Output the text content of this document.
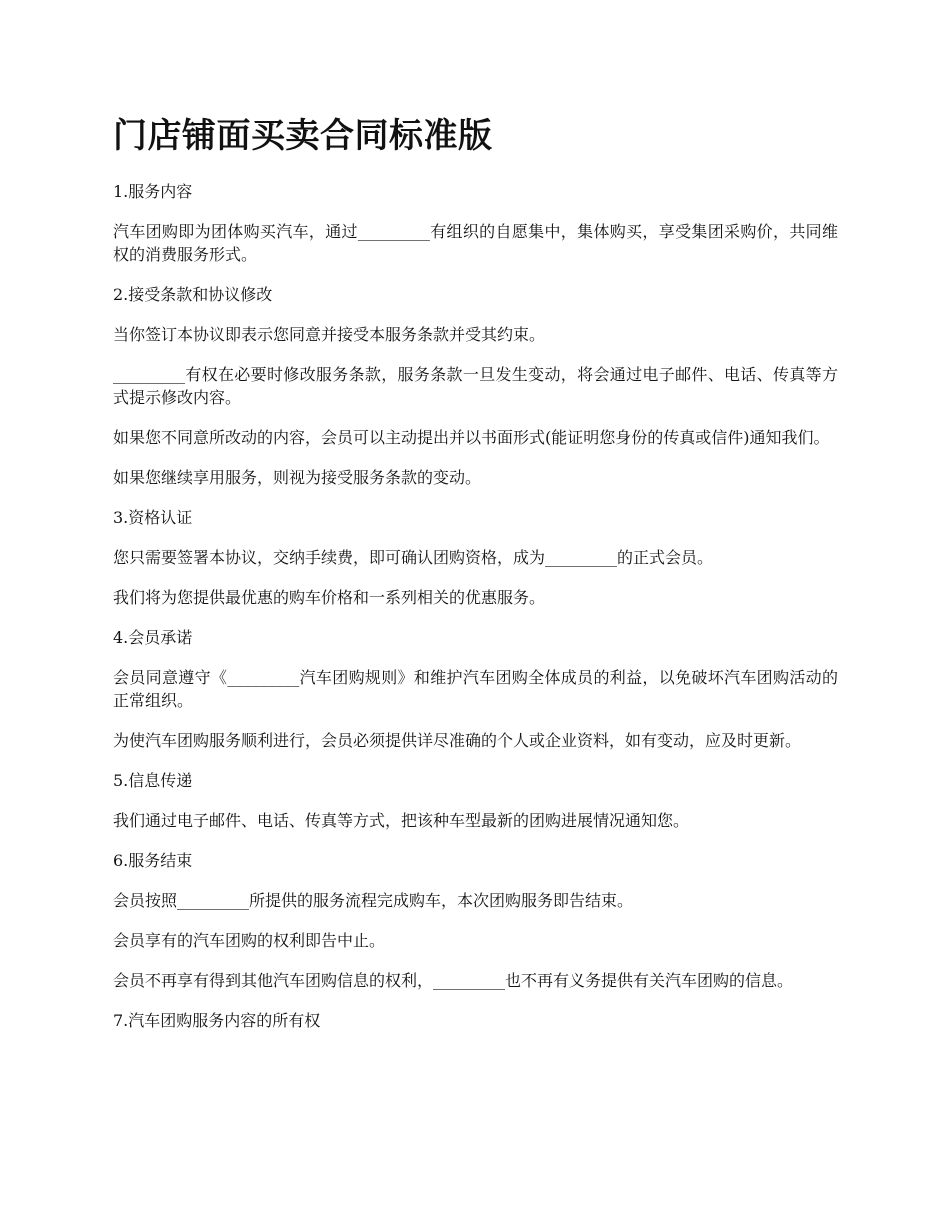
门店铺面买卖合同标准版

1.服务内容

汽车团购即为团体购买汽车，通过_________有组织的自愿集中，集体购买，享受集团采购价，共同维权的消费服务形式。

2.接受条款和协议修改

当你签订本协议即表示您同意并接受本服务条款并受其约束。

_________有权在必要时修改服务条款，服务条款一旦发生变动，将会通过电子邮件、电话、传真等方式提示修改内容。

如果您不同意所改动的内容，会员可以主动提出并以书面形式(能证明您身份的传真或信件)通知我们。

如果您继续享用服务，则视为接受服务条款的变动。

3.资格认证

您只需要签署本协议，交纳手续费，即可确认团购资格，成为_________的正式会员。

我们将为您提供最优惠的购车价格和一系列相关的优惠服务。

4.会员承诺

会员同意遵守《_________汽车团购规则》和维护汽车团购全体成员的利益，以免破坏汽车团购活动的正常组织。

为使汽车团购服务顺利进行，会员必须提供详尽准确的个人或企业资料，如有变动，应及时更新。

5.信息传递

我们通过电子邮件、电话、传真等方式，把该种车型最新的团购进展情况通知您。

6.服务结束

会员按照_________所提供的服务流程完成购车，本次团购服务即告结束。

会员享有的汽车团购的权利即告中止。

会员不再享有得到其他汽车团购信息的权利，_________也不再有义务提供有关汽车团购的信息。

7.汽车团购服务内容的所有权
